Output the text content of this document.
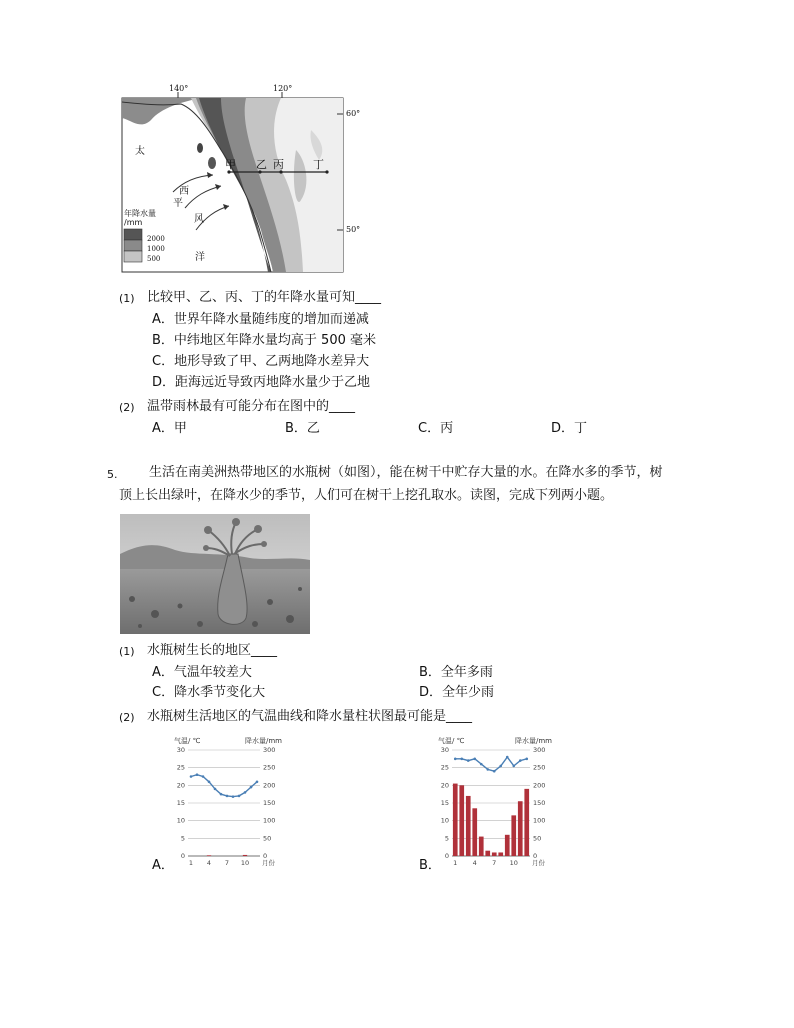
140°	120°
60°
50°
甲 乙 丙	丁
太
平
洋
西
风
年降水量
/mm
2000
1000
500
(1) 比较甲、乙、丙、丁的年降水量可知____
A．世界年降水量随纬度的增加而递减
B．中纬地区年降水量均高于 500 毫米
C．地形导致了甲、乙两地降水差异大
D．距海远近导致丙地降水量少于乙地
(2) 温带雨林最有可能分布在图中的____
A．甲	B．乙	C．丙	D．丁
5. 生活在南美洲热带地区的水瓶树（如图），能在树干中贮存大量的水。在降水多的季节，树
顶上长出绿叶，在降水少的季节，人们可在树干上挖孔取水。读图，完成下列两小题。
(1) 水瓶树生长的地区____
A．气温年较差大	B．全年多雨
C．降水季节变化大	D．全年少雨
(2) 水瓶树生活地区的气温曲线和降水量柱状图最可能是____
A．	B．
气温/ ℃	降水量/mm
30
25
20
15
10
5
0
300
250
200
150
100
50
0
1 4 7 10 月份
气温/ ℃	降水量/mm
30
25
20
15
10
5
0
300
250
200
150
100
50
0
1 4 7 10 月份
